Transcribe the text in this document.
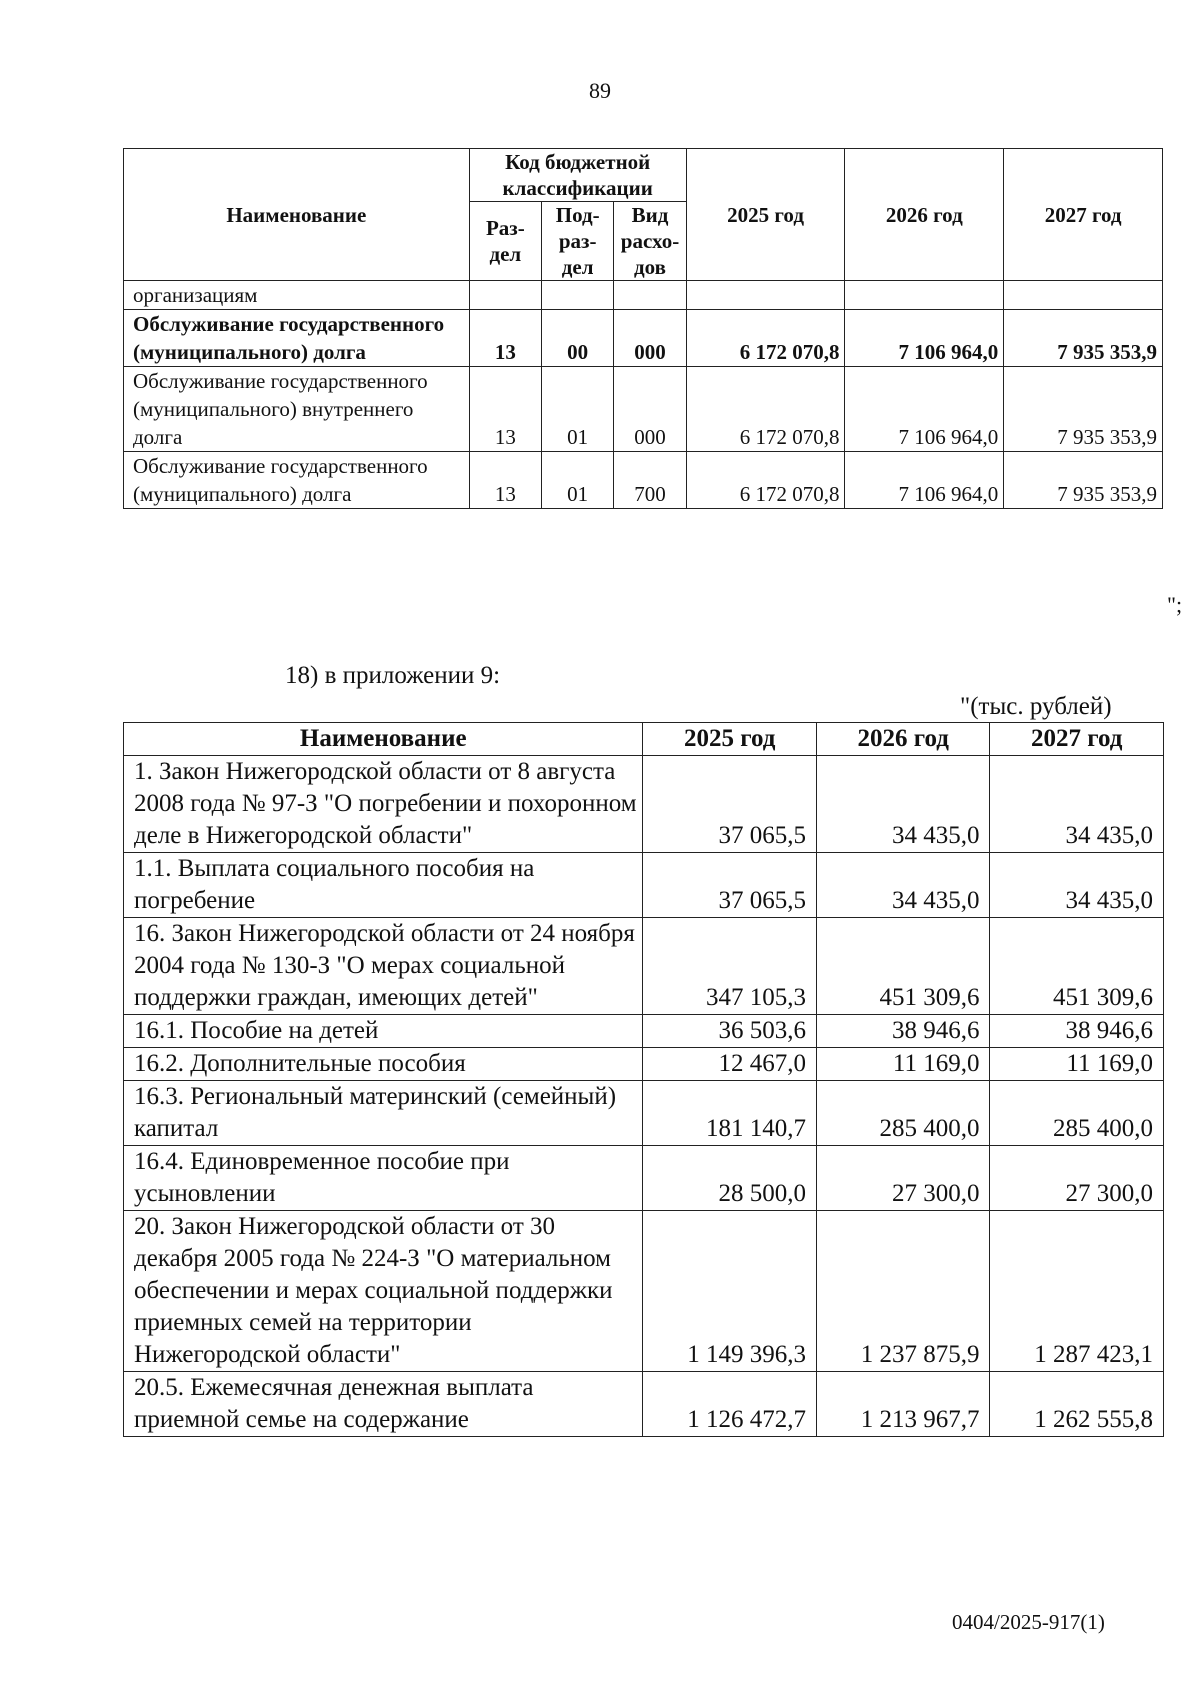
89
Наименование	Код бюджетной классификации			2025 год	2026 год	2027 год
	Раз-дел	Под-раз-дел	Вид расхо-дов			
организациям						
Обслуживание государственного (муниципального) долга	13	00	000	6 172 070,8	7 106 964,0	7 935 353,9
Обслуживание государственного (муниципального) внутреннего долга	13	01	000	6 172 070,8	7 106 964,0	7 935 353,9
Обслуживание государственного (муниципального) долга	13	01	700	6 172 070,8	7 106 964,0	7 935 353,9
";
18) в приложении 9:
"(тыс. рублей)
Наименование	2025 год	2026 год	2027 год
1. Закон Нижегородской области от 8 августа 2008 года № 97-З "О погребении и похоронном деле в Нижегородской области"	37 065,5	34 435,0	34 435,0
1.1. Выплата социального пособия на погребение	37 065,5	34 435,0	34 435,0
16. Закон Нижегородской области от 24 ноября 2004 года № 130-З "О мерах социальной поддержки граждан, имеющих детей"	347 105,3	451 309,6	451 309,6
16.1. Пособие на детей	36 503,6	38 946,6	38 946,6
16.2. Дополнительные пособия	12 467,0	11 169,0	11 169,0
16.3. Региональный материнский (семейный) капитал	181 140,7	285 400,0	285 400,0
16.4. Единовременное пособие при усыновлении	28 500,0	27 300,0	27 300,0
20. Закон Нижегородской области от 30 декабря 2005 года № 224-З "О материальном обеспечении и мерах социальной поддержки приемных семей на территории Нижегородской области"	1 149 396,3	1 237 875,9	1 287 423,1
20.5. Ежемесячная денежная выплата приемной семье на содержание	1 126 472,7	1 213 967,7	1 262 555,8
0404/2025-917(1)
